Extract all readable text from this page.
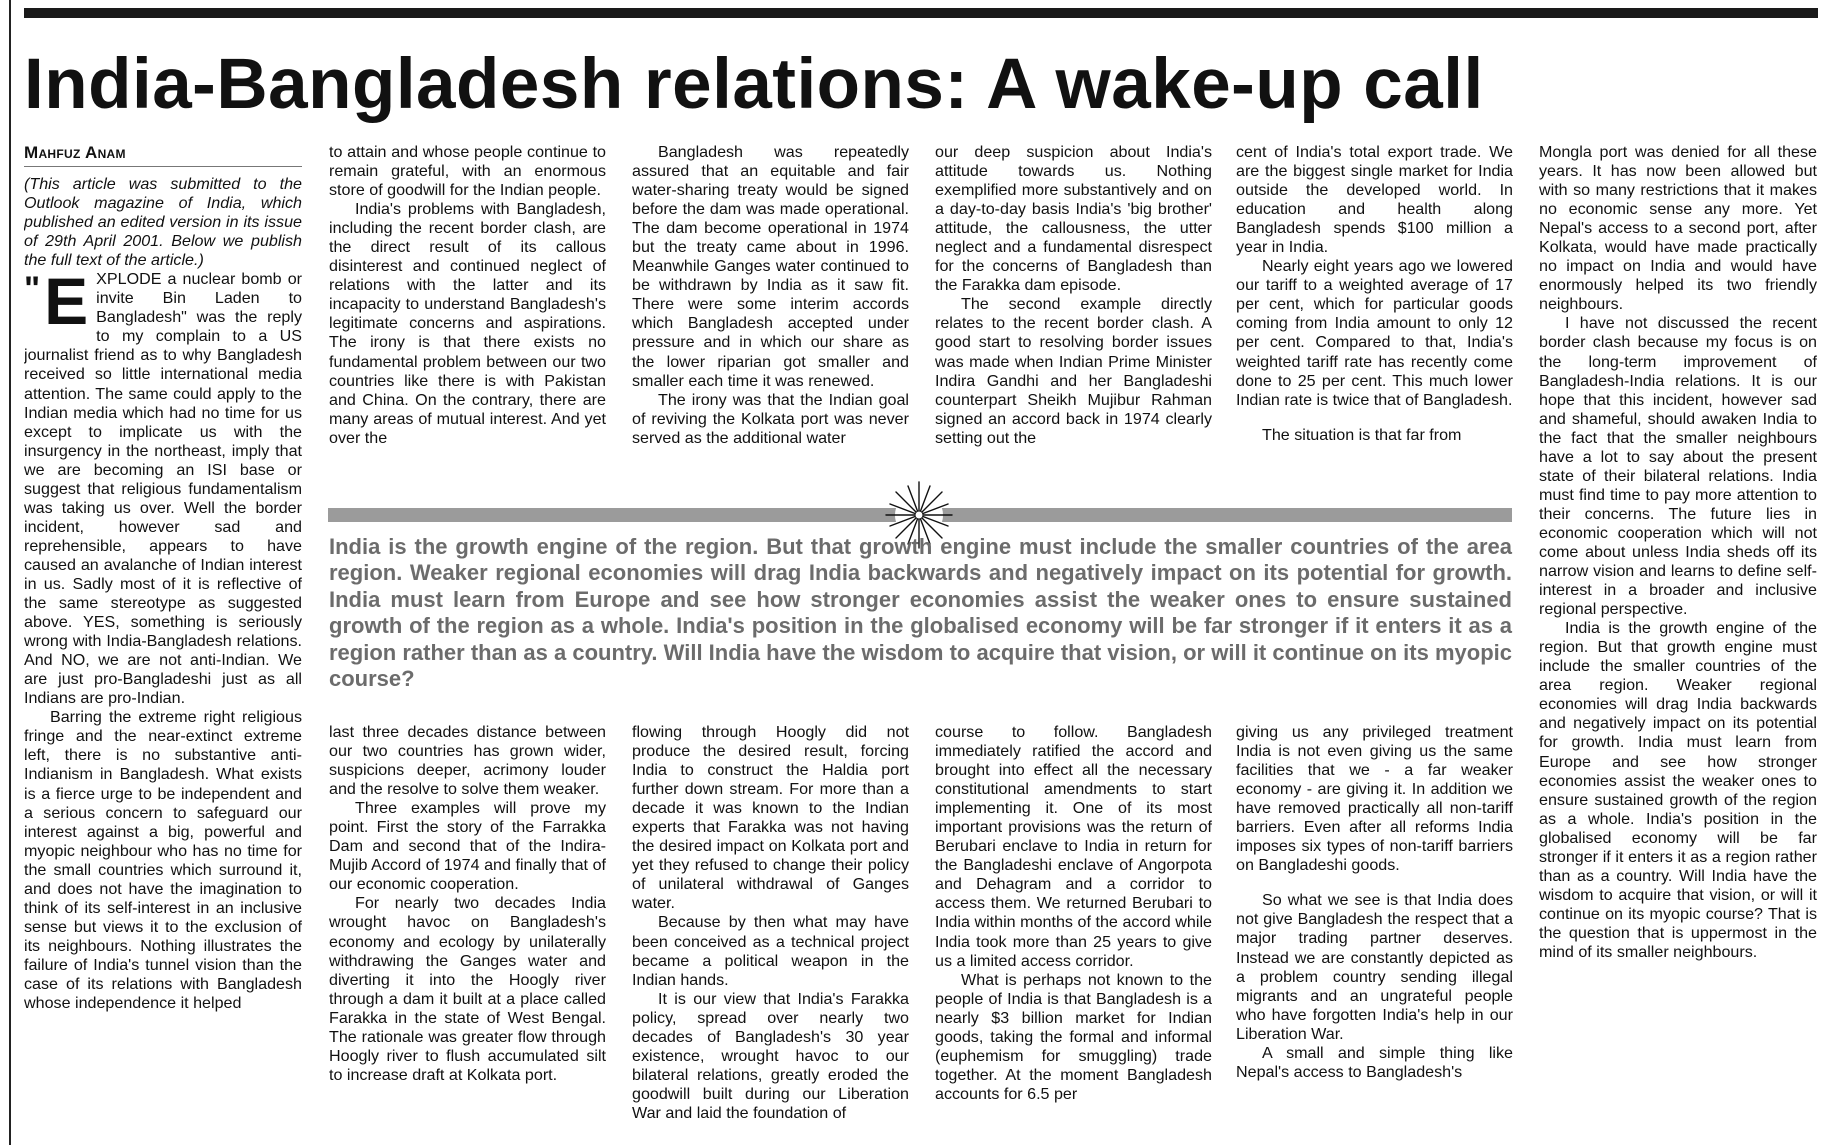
India-Bangladesh relations: A wake-up call
Mahfuz Anam

(This article was submitted to the Outlook magazine of India, which published an edited version in its issue of 29th April 2001. Below we publish the full text of the article.)

" E XPLODE a nuclear bomb or invite Bin Laden to Bangladesh" was the reply to my complain to a US journalist friend as to why Bangladesh received so little international media attention. The same could apply to the Indian media which had no time for us except to implicate us with the insurgency in the northeast, imply that we are becoming an ISI base or suggest that religious fundamentalism was taking us over. Well the border incident, however sad and reprehensible, appears to have caused an avalanche of Indian interest in us. Sadly most of it is reflective of the same stereotype as suggested above. YES, something is seriously wrong with India-Bangladesh relations. And NO, we are not anti-Indian. We are just pro-Bangladeshi just as all Indians are pro-Indian.

Barring the extreme right religious fringe and the near-extinct extreme left, there is no substantive anti-Indianism in Bangladesh. What exists is a fierce urge to be independent and a serious concern to safeguard our interest against a big, powerful and myopic neighbour who has no time for the small countries which surround it, and does not have the imagination to think of its self-interest in an inclusive sense but views it to the exclusion of its neighbours. Nothing illustrates the failure of India's tunnel vision than the case of its relations with Bangladesh whose independence it helped

to attain and whose people continue to remain grateful, with an enormous store of goodwill for the Indian people.

India's problems with Bangladesh, including the recent border clash, are the direct result of its callous disinterest and continued neglect of relations with the latter and its incapacity to understand Bangladesh's legitimate concerns and aspirations. The irony is that there exists no fundamental problem between our two countries like there is with Pakistan and China. On the contrary, there are many areas of mutual interest. And yet over the

Bangladesh was repeatedly assured that an equitable and fair water-sharing treaty would be signed before the dam was made operational. The dam become operational in 1974 but the treaty came about in 1996. Meanwhile Ganges water continued to be withdrawn by India as it saw fit. There were some interim accords which Bangladesh accepted under pressure and in which our share as the lower riparian got smaller and smaller each time it was renewed.

The irony was that the Indian goal of reviving the Kolkata port was never served as the additional water

our deep suspicion about India's attitude towards us. Nothing exemplified more substantively and on a day-to-day basis India's 'big brother' attitude, the callousness, the utter neglect and a fundamental disrespect for the concerns of Bangladesh than the Farakka dam episode.

The second example directly relates to the recent border clash. A good start to resolving border issues was made when Indian Prime Minister Indira Gandhi and her Bangladeshi counterpart Sheikh Mujibur Rahman signed an accord back in 1974 clearly setting out the

cent of India's total export trade. We are the biggest single market for India outside the developed world. In education and health along Bangladesh spends $100 million a year in India.

Nearly eight years ago we lowered our tariff to a weighted average of 17 per cent, which for particular goods coming from India amount to only 12 per cent. Compared to that, India's weighted tariff rate has recently come done to 25 per cent. This much lower Indian rate is twice that of Bangladesh.

The situation is that far from

India is the growth engine of the region. But that growth engine must include the smaller countries of the area region. Weaker regional economies will drag India backwards and negatively impact on its potential for growth. India must learn from Europe and see how stronger economies assist the weaker ones to ensure sustained growth of the region as a whole. India's position in the globalised economy will be far stronger if it enters it as a region rather than as a country. Will India have the wisdom to acquire that vision, or will it continue on its myopic course?

last three decades distance between our two countries has grown wider, suspicions deeper, acrimony louder and the resolve to solve them weaker.

Three examples will prove my point. First the story of the Farrakka Dam and second that of the Indira-Mujib Accord of 1974 and finally that of our economic cooperation.

For nearly two decades India wrought havoc on Bangladesh's economy and ecology by unilaterally withdrawing the Ganges water and diverting it into the Hoogly river through a dam it built at a place called Farakka in the state of West Bengal. The rationale was greater flow through Hoogly river to flush accumulated silt to increase draft at Kolkata port.

flowing through Hoogly did not produce the desired result, forcing India to construct the Haldia port further down stream. For more than a decade it was known to the Indian experts that Farakka was not having the desired impact on Kolkata port and yet they refused to change their policy of unilateral withdrawal of Ganges water.

Because by then what may have been conceived as a technical project became a political weapon in the Indian hands.

It is our view that India's Farakka policy, spread over nearly two decades of Bangladesh's 30 year existence, wrought havoc to our bilateral relations, greatly eroded the goodwill built during our Liberation War and laid the foundation of

course to follow. Bangladesh immediately ratified the accord and brought into effect all the necessary constitutional amendments to start implementing it. One of its most important provisions was the return of Berubari enclave to India in return for the Bangladeshi enclave of Angorpota and Dehagram and a corridor to access them. We returned Berubari to India within months of the accord while India took more than 25 years to give us a limited access corridor.

What is perhaps not known to the people of India is that Bangladesh is a nearly $3 billion market for Indian goods, taking the formal and informal (euphemism for smuggling) trade together. At the moment Bangladesh accounts for 6.5 per

giving us any privileged treatment India is not even giving us the same facilities that we - a far weaker economy - are giving it. In addition we have removed practically all non-tariff barriers. Even after all reforms India imposes six types of non-tariff barriers on Bangladeshi goods.

So what we see is that India does not give Bangladesh the respect that a major trading partner deserves. Instead we are constantly depicted as a problem country sending illegal migrants and an ungrateful people who have forgotten India's help in our Liberation War.

A small and simple thing like Nepal's access to Bangladesh's

Mongla port was denied for all these years. It has now been allowed but with so many restrictions that it makes no economic sense any more. Yet Nepal's access to a second port, after Kolkata, would have made practically no impact on India and would have enormously helped its two friendly neighbours.

I have not discussed the recent border clash because my focus is on the long-term improvement of Bangladesh-India relations. It is our hope that this incident, however sad and shameful, should awaken India to the fact that the smaller neighbours have a lot to say about the present state of their bilateral relations. India must find time to pay more attention to their concerns. The future lies in economic cooperation which will not come about unless India sheds off its narrow vision and learns to define self-interest in a broader and inclusive regional perspective.

India is the growth engine of the region. But that growth engine must include the smaller countries of the area region. Weaker regional economies will drag India backwards and negatively impact on its potential for growth. India must learn from Europe and see how stronger economies assist the weaker ones to ensure sustained growth of the region as a whole. India's position in the globalised economy will be far stronger if it enters it as a region rather than as a country. Will India have the wisdom to acquire that vision, or will it continue on its myopic course? That is the question that is uppermost in the mind of its smaller neighbours.
